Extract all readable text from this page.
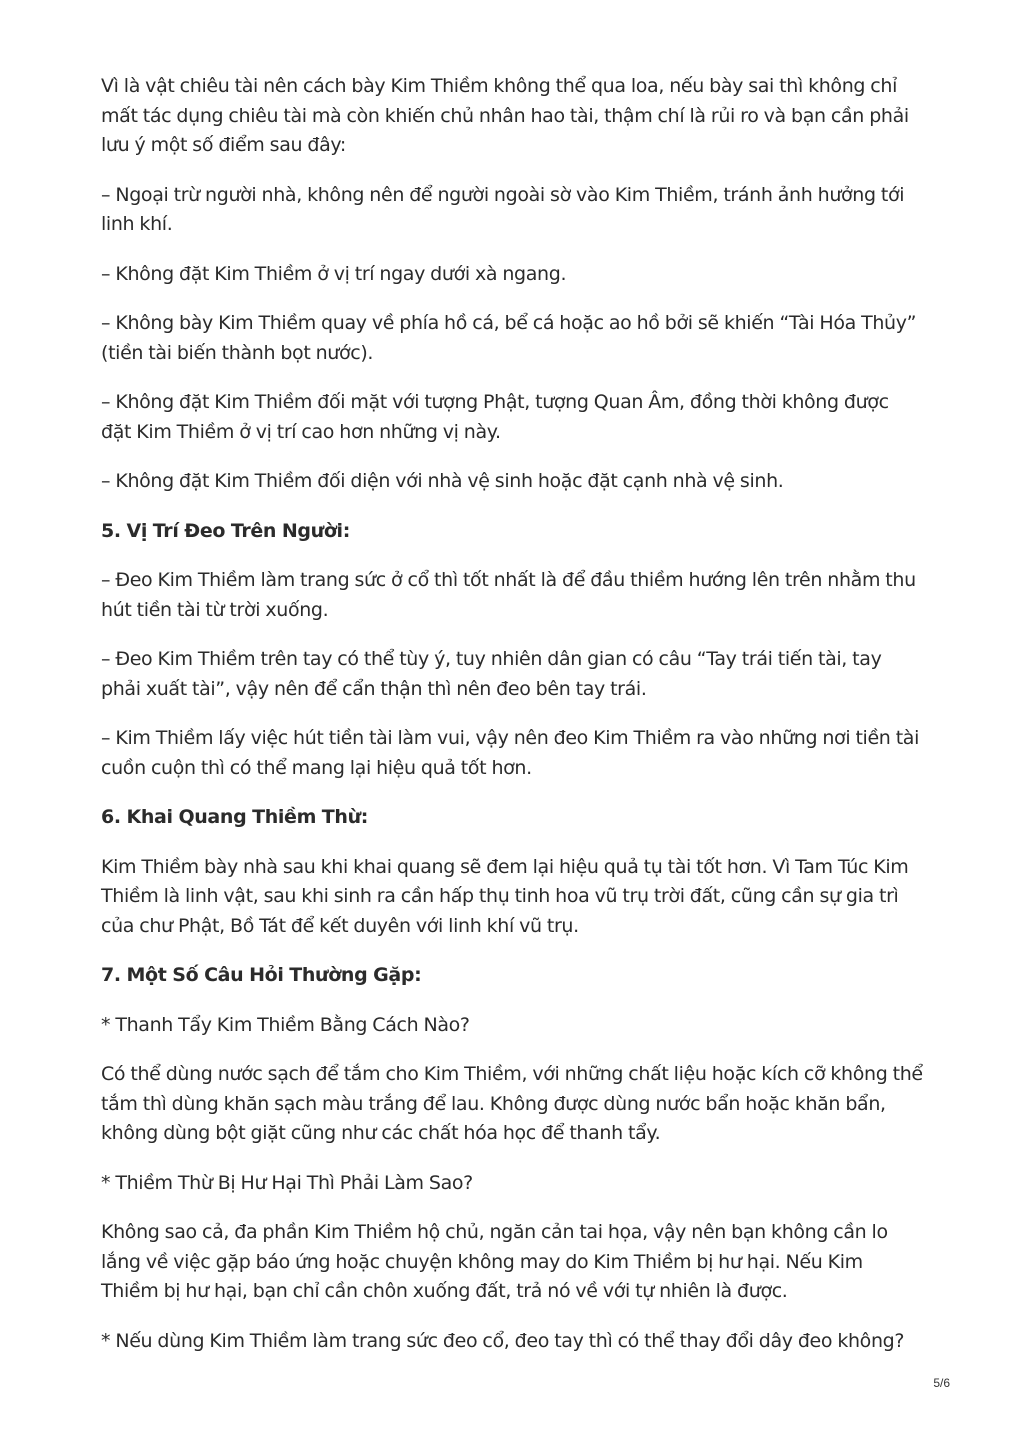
Vì là vật chiêu tài nên cách bày Kim Thiềm không thể qua loa, nếu bày sai thì không chỉ mất tác dụng chiêu tài mà còn khiến chủ nhân hao tài, thậm chí là rủi ro và bạn cần phải lưu ý một số điểm sau đây:

– Ngoại trừ người nhà, không nên để người ngoài sờ vào Kim Thiềm, tránh ảnh hưởng tới linh khí.

– Không đặt Kim Thiềm ở vị trí ngay dưới xà ngang.

– Không bày Kim Thiềm quay về phía hồ cá, bể cá hoặc ao hồ bởi sẽ khiến “Tài Hóa Thủy” (tiền tài biến thành bọt nước).

– Không đặt Kim Thiềm đối mặt với tượng Phật, tượng Quan Âm, đồng thời không được đặt Kim Thiềm ở vị trí cao hơn những vị này.

– Không đặt Kim Thiềm đối diện với nhà vệ sinh hoặc đặt cạnh nhà vệ sinh.

5. Vị Trí Đeo Trên Người:

– Đeo Kim Thiềm làm trang sức ở cổ thì tốt nhất là để đầu thiềm hướng lên trên nhằm thu hút tiền tài từ trời xuống.

– Đeo Kim Thiềm trên tay có thể tùy ý, tuy nhiên dân gian có câu “Tay trái tiến tài, tay phải xuất tài”, vậy nên để cẩn thận thì nên đeo bên tay trái.

– Kim Thiềm lấy việc hút tiền tài làm vui, vậy nên đeo Kim Thiềm ra vào những nơi tiền tài cuồn cuộn thì có thể mang lại hiệu quả tốt hơn.

6. Khai Quang Thiềm Thừ:

Kim Thiềm bày nhà sau khi khai quang sẽ đem lại hiệu quả tụ tài tốt hơn. Vì Tam Túc Kim Thiềm là linh vật, sau khi sinh ra cần hấp thụ tinh hoa vũ trụ trời đất, cũng cần sự gia trì của chư Phật, Bồ Tát để kết duyên với linh khí vũ trụ.

7. Một Số Câu Hỏi Thường Gặp:

* Thanh Tẩy Kim Thiềm Bằng Cách Nào?

Có thể dùng nước sạch để tắm cho Kim Thiềm, với những chất liệu hoặc kích cỡ không thể tắm thì dùng khăn sạch màu trắng để lau. Không được dùng nước bẩn hoặc khăn bẩn, không dùng bột giặt cũng như các chất hóa học để thanh tẩy.

* Thiềm Thừ Bị Hư Hại Thì Phải Làm Sao?

Không sao cả, đa phần Kim Thiềm hộ chủ, ngăn cản tai họa, vậy nên bạn không cần lo lắng về việc gặp báo ứng hoặc chuyện không may do Kim Thiềm bị hư hại. Nếu Kim Thiềm bị hư hại, bạn chỉ cần chôn xuống đất, trả nó về với tự nhiên là được.

* Nếu dùng Kim Thiềm làm trang sức đeo cổ, đeo tay thì có thể thay đổi dây đeo không?

5/6
